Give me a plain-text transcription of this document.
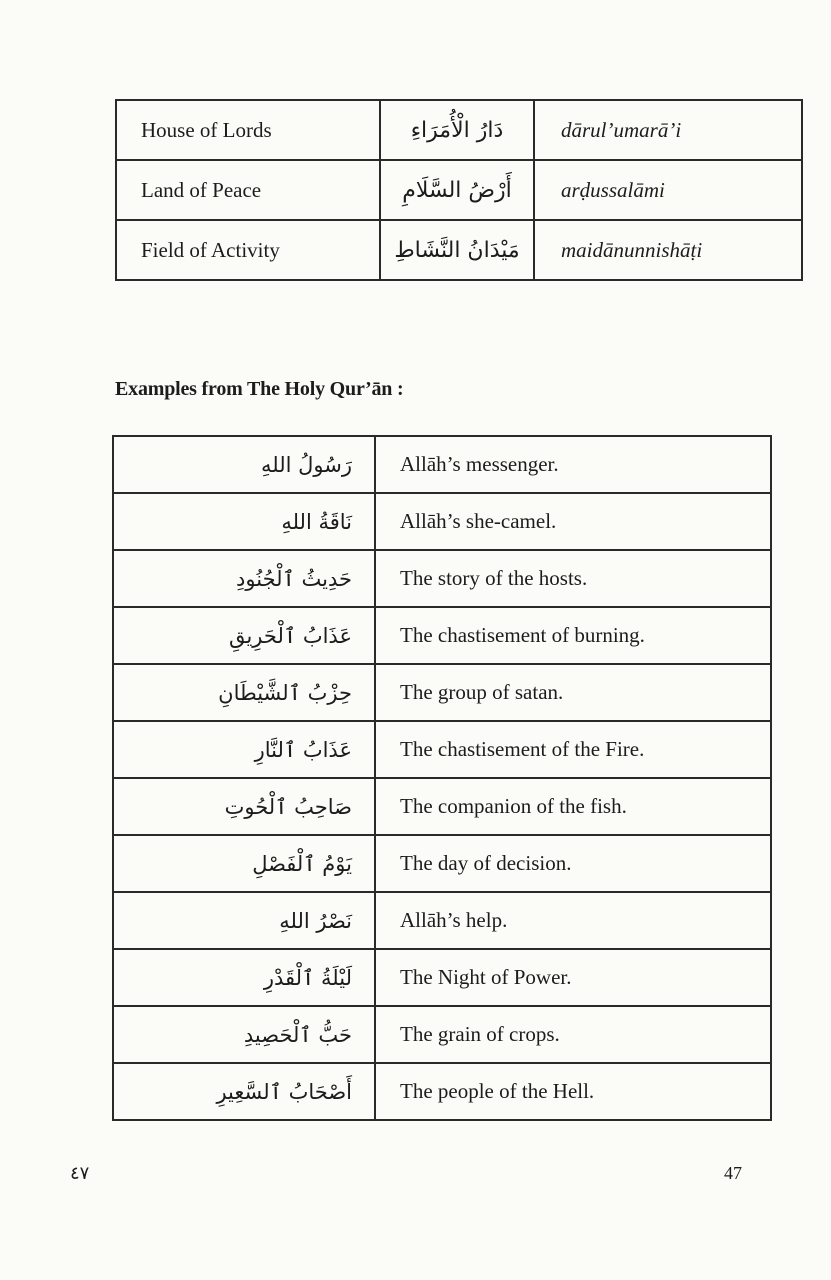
House of Lords	دَارُ الْأُمَرَاءِ	dārul’umarā’i
Land of Peace	أَرْضُ السَّلَامِ	arḍussalāmi
Field of Activity	مَيْدَانُ النَّشَاطِ	maidānunnishāṭi
Examples from The Holy Qur’ān :
رَسُولُ اللهِ	Allāh’s messenger.
نَاقَةُ اللهِ	Allāh’s she-camel.
حَدِيثُ ٱلْجُنُودِ	The story of the hosts.
عَذَابُ ٱلْحَرِيقِ	The chastisement of burning.
حِزْبُ ٱلشَّيْطَانِ	The group of satan.
عَذَابُ ٱلنَّارِ	The chastisement of the Fire.
صَاحِبُ ٱلْحُوتِ	The companion of the fish.
يَوْمُ ٱلْفَصْلِ	The day of decision.
نَصْرُ اللهِ	Allāh’s help.
لَيْلَةُ ٱلْقَدْرِ	The Night of Power.
حَبُّ ٱلْحَصِيدِ	The grain of crops.
أَصْحَابُ ٱلسَّعِيرِ	The people of the Hell.
٤٧	47
